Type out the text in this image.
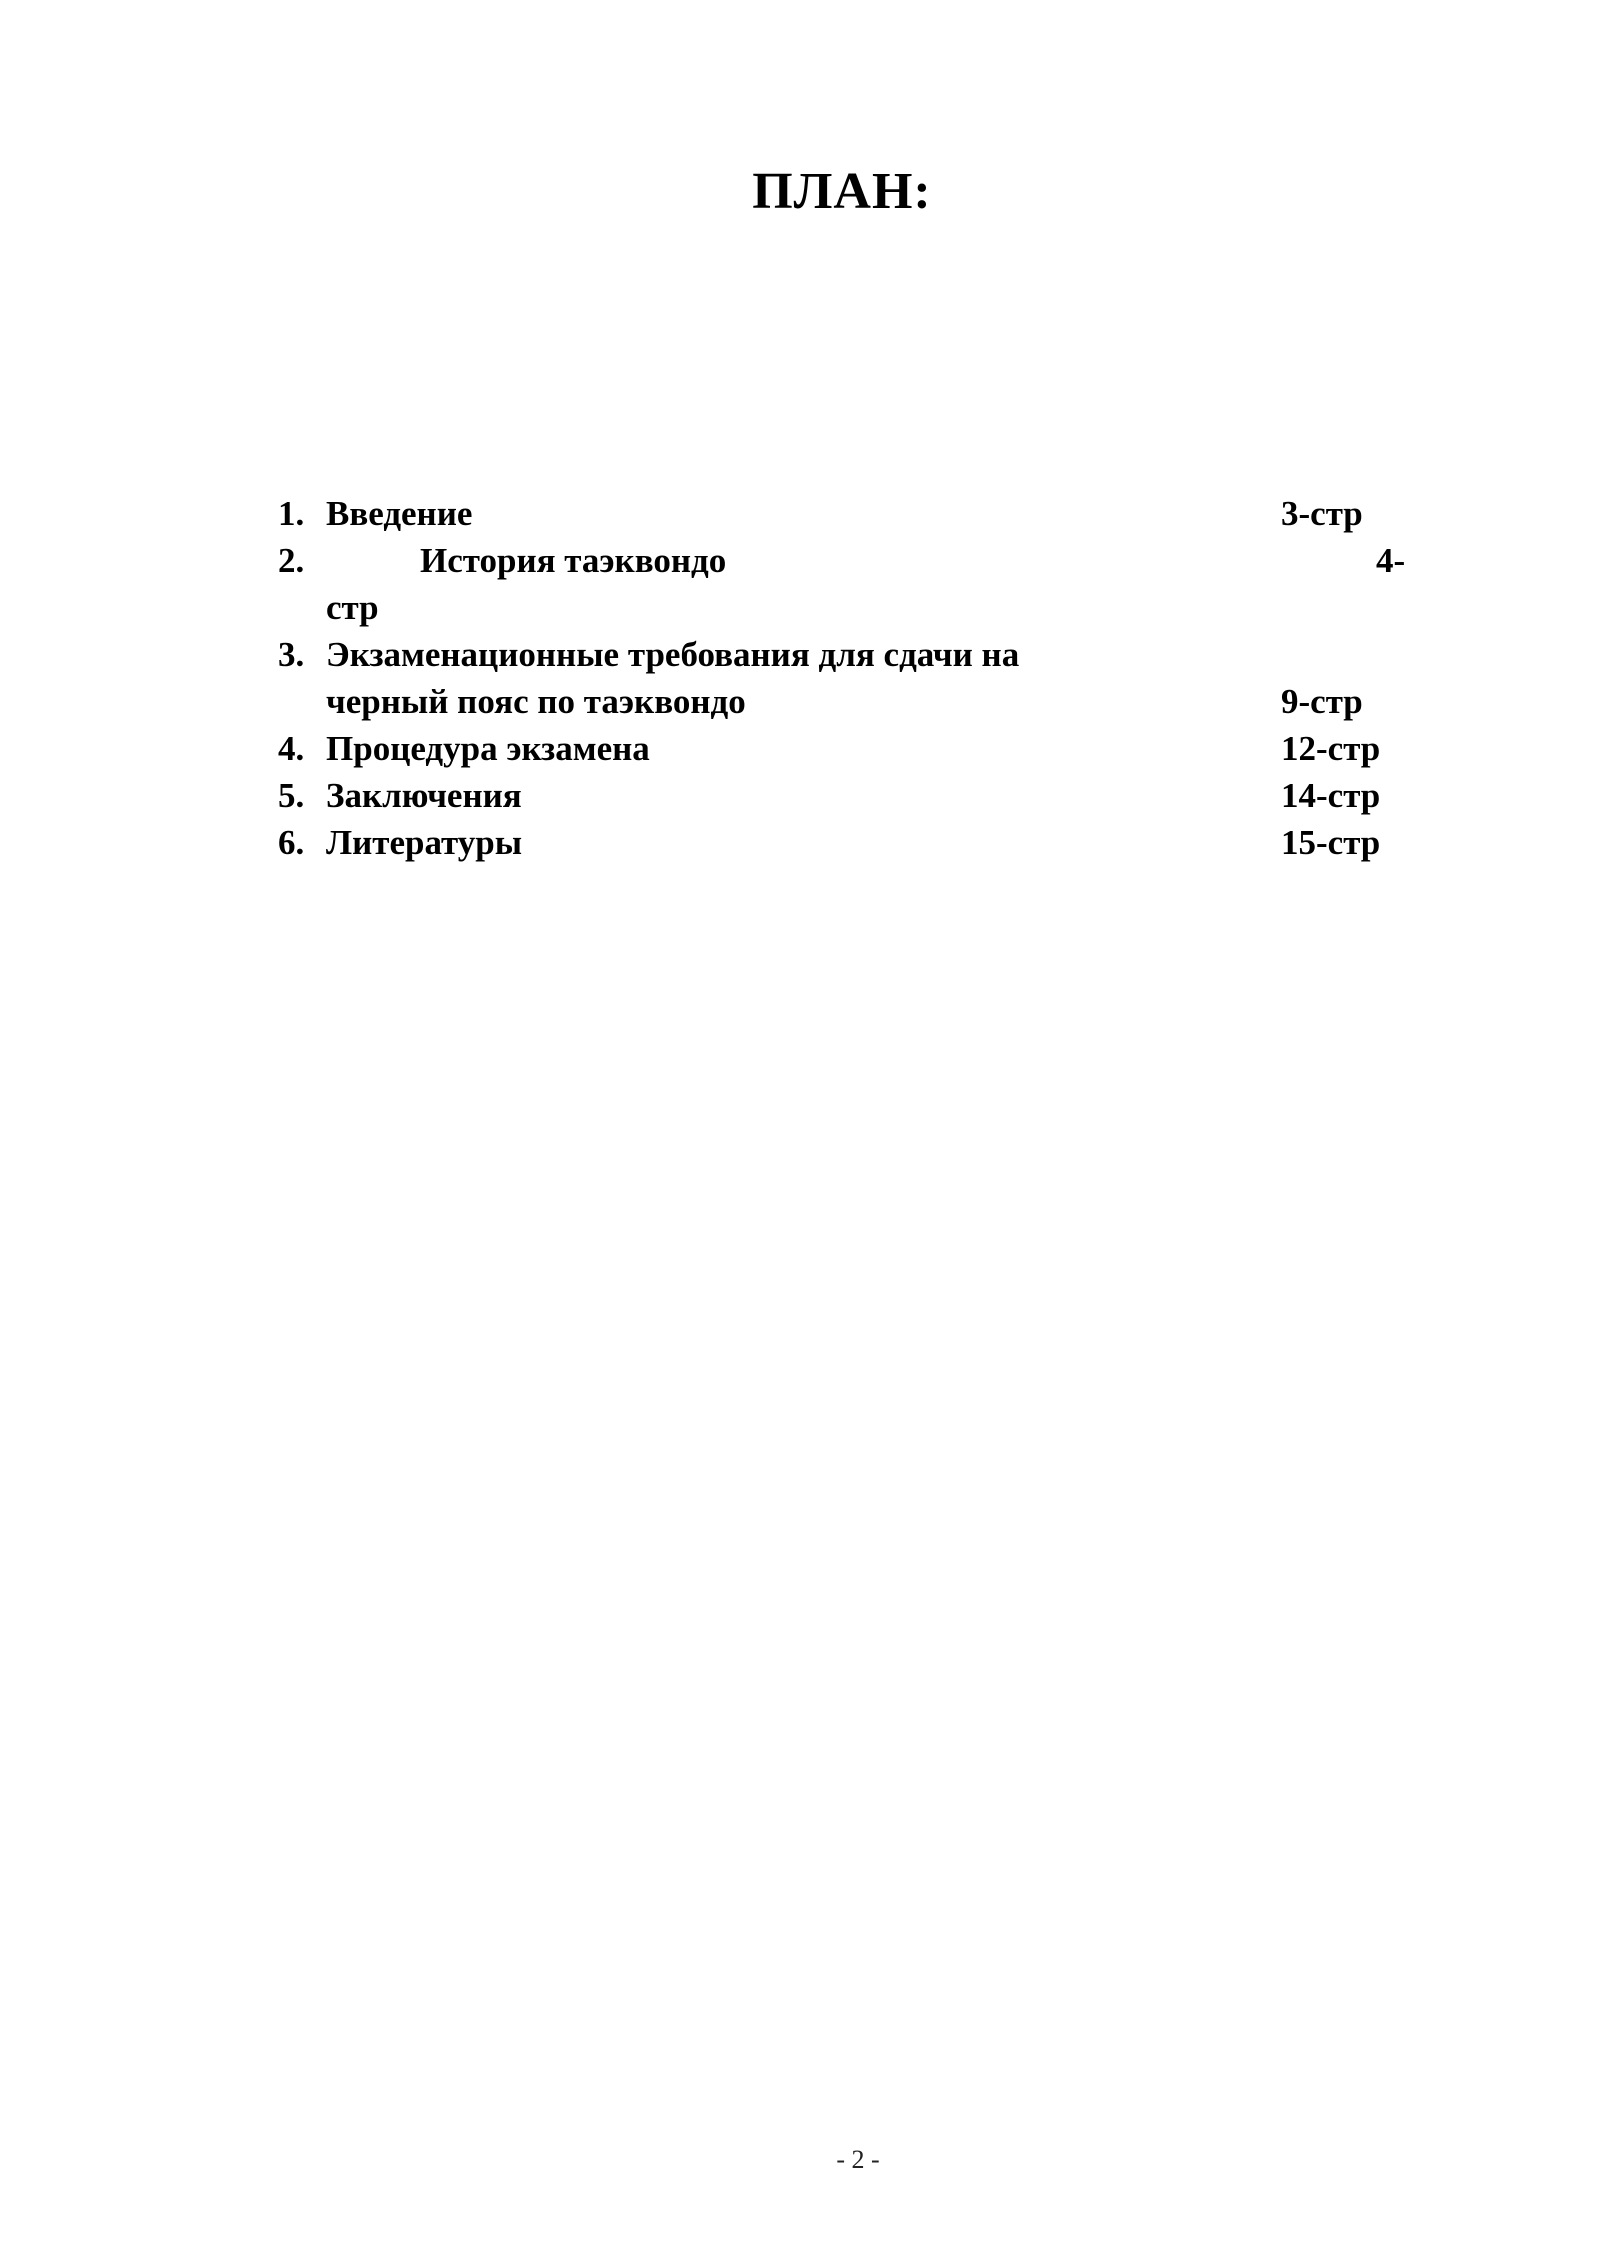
ПЛАН:
1. Введение	3-стр
2.	История таэквондо	4-
стр
3. Экзаменационные требования для сдачи на
черный пояс по таэквондо	9-стр
4. Процедура экзамена	12-стр
5. Заключения	14-стр
6. Литературы	15-стр
- 2 -
